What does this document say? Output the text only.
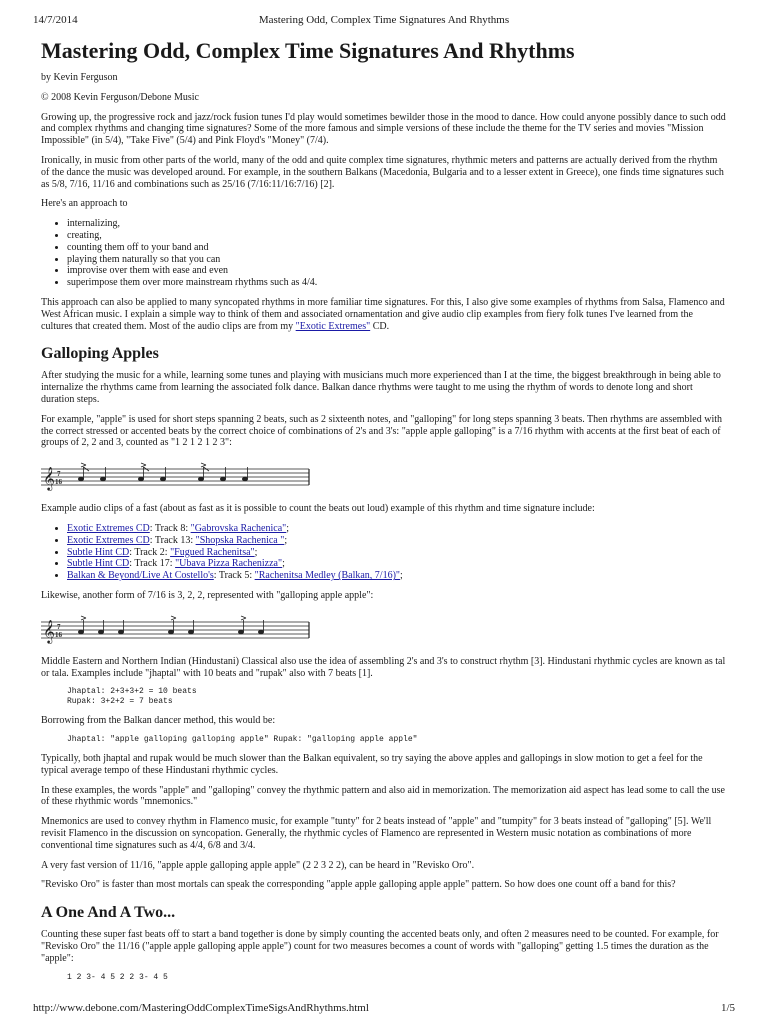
14/7/2014	Mastering Odd, Complex Time Signatures And Rhythms
Mastering Odd, Complex Time Signatures And Rhythms

by Kevin Ferguson

© 2008 Kevin Ferguson/Debone Music

Growing up, the progressive rock and jazz/rock fusion tunes I'd play would sometimes bewilder those in the mood to dance. How could anyone possibly dance to such odd and complex rhythms and changing time signatures? Some of the more famous and simple versions of these include the theme for the TV series and movies "Mission Impossible" (in 5/4), "Take Five" (5/4) and Pink Floyd's "Money" (7/4).

Ironically, in music from other parts of the world, many of the odd and quite complex time signatures, rhythmic meters and patterns are actually derived from the rhythm of the dance the music was developed around. For example, in the southern Balkans (Macedonia, Bulgaria and to a lesser extent in Greece), one finds time signatures such as 5/8, 7/16, 11/16 and combinations such as 25/16 (7/16:11/16:7/16) [2].

Here's an approach to

• internalizing,
• creating,
• counting them off to your band and
• playing them naturally so that you can
• improvise over them with ease and even
• superimpose them over more mainstream rhythms such as 4/4.

This approach can also be applied to many syncopated rhythms in more familiar time signatures. For this, I also give some examples of rhythms from Salsa, Flamenco and West African music. I explain a simple way to think of them and associated ornamentation and give audio clip examples from fiery folk tunes I've learned from the cultures that created them. Most of the audio clips are from my "Exotic Extremes" CD.

Galloping Apples

After studying the music for a while, learning some tunes and playing with musicians much more experienced than I at the time, the biggest breakthrough in being able to internalize the rhythms came from learning the associated folk dance. Balkan dance rhythms were taught to me using the rhythm of words to denote long and short duration steps.

For example, "apple" is used for short steps spanning 2 beats, such as 2 sixteenth notes, and "galloping" for long steps spanning 3 beats. Then rhythms are assembled with the correct stressed or accented beats by the correct choice of combinations of 2's and 3's: "apple apple galloping" is a 7/16 rhythm with accents at the first beat of each of groups of 2, 2 and 3, counted as "1 2 1 2 1 2 3":

𝄞 7
16

Example audio clips of a fast (about as fast as it is possible to count the beats out loud) example of this rhythm and time signature include:

• Exotic Extremes CD: Track 8: "Gabrovska Rachenica";
• Exotic Extremes CD: Track 13: "Shopska Rachenica ";
• Subtle Hint CD: Track 2: "Fugued Rachenitsa";
• Subtle Hint CD: Track 17: "Ubava Pizza Rachenizza";
• Balkan & Beyond/Live At Costello's: Track 5: "Rachenitsa Medley (Balkan, 7/16)";

Likewise, another form of 7/16 is 3, 2, 2, represented with "galloping apple apple":

𝄞 7
16

Middle Eastern and Northern Indian (Hindustani) Classical also use the idea of assembling 2's and 3's to construct rhythm [3]. Hindustani rhythmic cycles are known as tal or tala. Examples include "jhaptal" with 10 beats and "rupak" also with 7 beats [1].

Jhaptal: 2+3+3+2 = 10 beats
Rupak: 3+2+2 = 7 beats

Borrowing from the Balkan dancer method, this would be:

Jhaptal: "apple galloping galloping apple" Rupak: "galloping apple apple"

Typically, both jhaptal and rupak would be much slower than the Balkan equivalent, so try saying the above apples and gallopings in slow motion to get a feel for the typical average tempo of these Hindustani rhythmic cycles.

In these examples, the words "apple" and "galloping" convey the rhythmic pattern and also aid in memorization. The memorization aid aspect has lead some to call the use of these rhythmic words "mnemonics."

Mnemonics are used to convey rhythm in Flamenco music, for example "tunty" for 2 beats instead of "apple" and "tumpity" for 3 beats instead of "galloping" [5]. We'll revisit Flamenco in the discussion on syncopation. Generally, the rhythmic cycles of Flamenco are represented in Western music notation as combinations of more conventional time signatures such as 4/4, 6/8 and 3/4.

A very fast version of 11/16, "apple apple galloping apple apple" (2 2 3 2 2), can be heard in "Revisko Oro".

"Revisko Oro" is faster than most mortals can speak the corresponding "apple apple galloping apple apple" pattern. So how does one count off a band for this?

A One And A Two...

Counting these super fast beats off to start a band together is done by simply counting the accented beats only, and often 2 measures need to be counted. For example, for "Revisko Oro" the 11/16 ("apple apple galloping apple apple") count for two measures becomes a count of words with "galloping" getting 1.5 times the duration as the "apple":

1 2 3- 4 5 2 2 3- 4 5
http://www.debone.com/MasteringOddComplexTimeSigsAndRhythms.html	1/5
